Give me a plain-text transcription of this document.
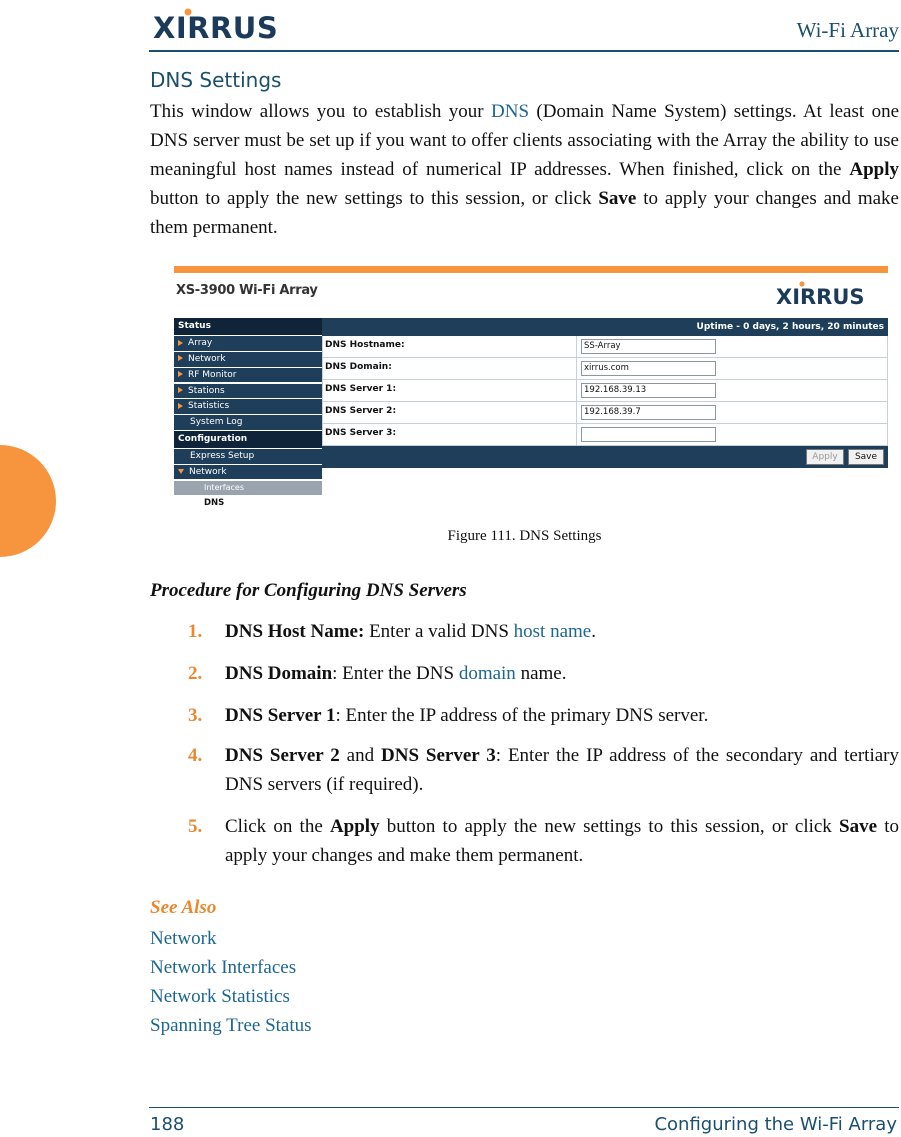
XIRRUS	Wi-Fi Array
DNS Settings
This window allows you to establish your DNS (Domain Name System) settings. At least one DNS server must be set up if you want to offer clients associating with the Array the ability to use meaningful host names instead of numerical IP addresses. When finished, click on the Apply button to apply the new settings to this session, or click Save to apply your changes and make them permanent.
XS-3900 Wi-Fi Array	XIRRUS
Status
Array
Network
RF Monitor
Stations
Statistics
System Log
Configuration
Express Setup
Network
Interfaces
DNS
Uptime - 0 days, 2 hours, 20 minutes
DNS Hostname:	SS-Array
DNS Domain:	xirrus.com
DNS Server 1:	192.168.39.13
DNS Server 2:	192.168.39.7
DNS Server 3:
Apply	Save
Figure 111. DNS Settings
Procedure for Configuring DNS Servers
1. DNS Host Name: Enter a valid DNS host name.
2. DNS Domain: Enter the DNS domain name.
3. DNS Server 1: Enter the IP address of the primary DNS server.
4. DNS Server 2 and DNS Server 3: Enter the IP address of the secondary and tertiary DNS servers (if required).
5. Click on the Apply button to apply the new settings to this session, or click Save to apply your changes and make them permanent.
See Also
Network
Network Interfaces
Network Statistics
Spanning Tree Status
188	Configuring the Wi-Fi Array
